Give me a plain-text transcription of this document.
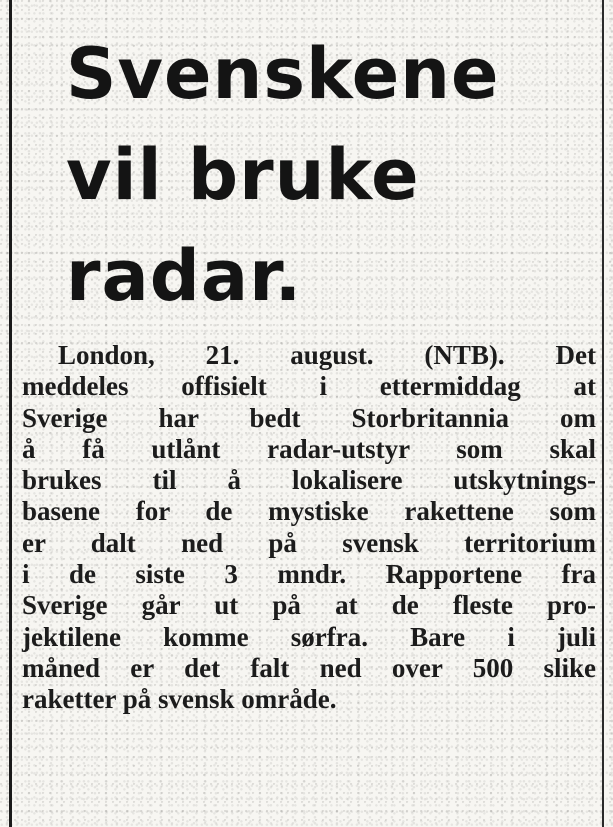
Svenskene
vil bruke
radar.
London, 21. august. (NTB). Det
meddeles offisielt i ettermiddag at
Sverige har bedt Storbritannia om
å få utlånt radar-utstyr som skal
brukes til å lokalisere utskytnings-
basene for de mystiske rakettene som
er dalt ned på svensk territorium
i de siste 3 mndr. Rapportene fra
Sverige går ut på at de fleste pro-
jektilene komme sørfra. Bare i juli
måned er det falt ned over 500 slike
raketter på svensk område.
